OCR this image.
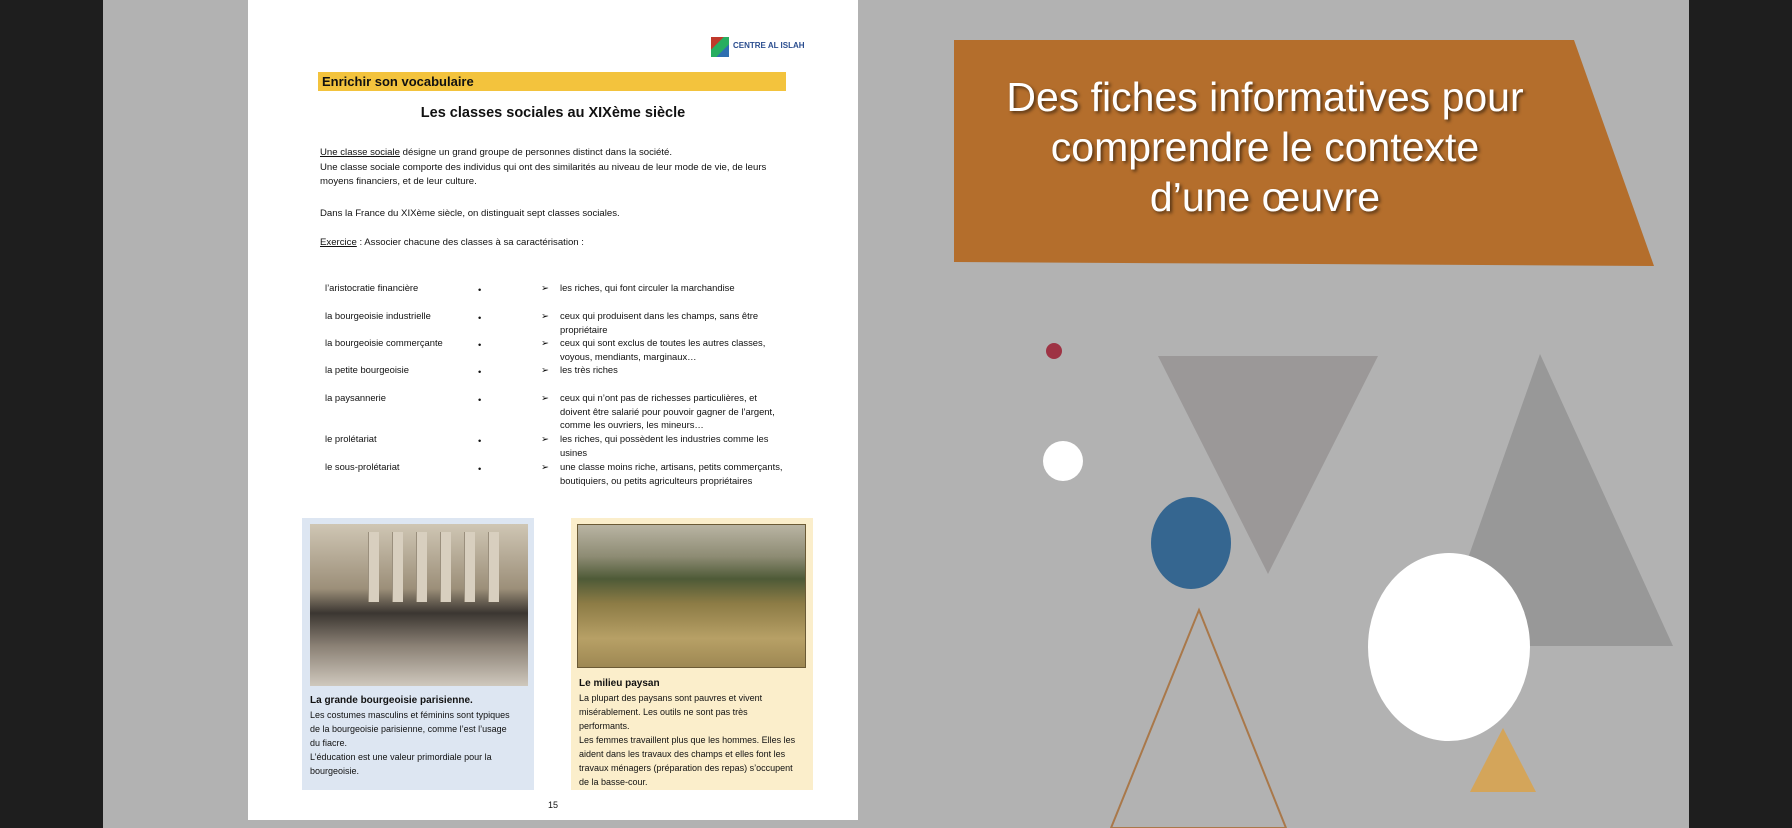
CENTRE AL ISLAH
Enrichir son vocabulaire
Les classes sociales au XIXème siècle
Une classe sociale désigne un grand groupe de personnes distinct dans la société.
Une classe sociale comporte des individus qui ont des similarités au niveau de leur mode de vie, de leurs moyens financiers, et de leur culture.
Dans la France du XIXème siècle, on distinguait sept classes sociales.
Exercice : Associer chacune des classes à sa caractérisation :
l’aristocratie financière
la bourgeoisie industrielle
la bourgeoisie commerçante
la petite bourgeoisie
la paysannerie
le prolétariat
le sous-prolétariat
•
•
•
•
•
•
•
➢
➢
➢
➢
➢
➢
➢
les riches, qui font circuler la marchandise
ceux qui produisent dans les champs, sans être propriétaire
ceux qui sont exclus de toutes les autres classes, voyous, mendiants, marginaux…
les très riches
ceux qui n’ont pas de richesses particulières, et doivent être salarié pour pouvoir gagner de l’argent, comme les ouvriers, les mineurs…
les riches, qui possèdent les industries comme les usines
une classe moins riche, artisans, petits commerçants, boutiquiers, ou petits agriculteurs propriétaires
La grande bourgeoisie parisienne.
Les costumes masculins et féminins sont typiques
de la bourgeoisie parisienne, comme l’est l’usage
du fiacre.
L’éducation est une valeur primordiale pour la
bourgeoisie.
Le milieu paysan
La plupart des paysans sont pauvres et vivent
misérablement. Les outils ne sont pas très
performants.
Les femmes travaillent plus que les hommes. Elles les
aident dans les travaux des champs et elles font les
travaux ménagers (préparation des repas) s’occupent
de la basse-cour.
15
Des fiches informatives pour
comprendre le contexte
d’une œuvre
